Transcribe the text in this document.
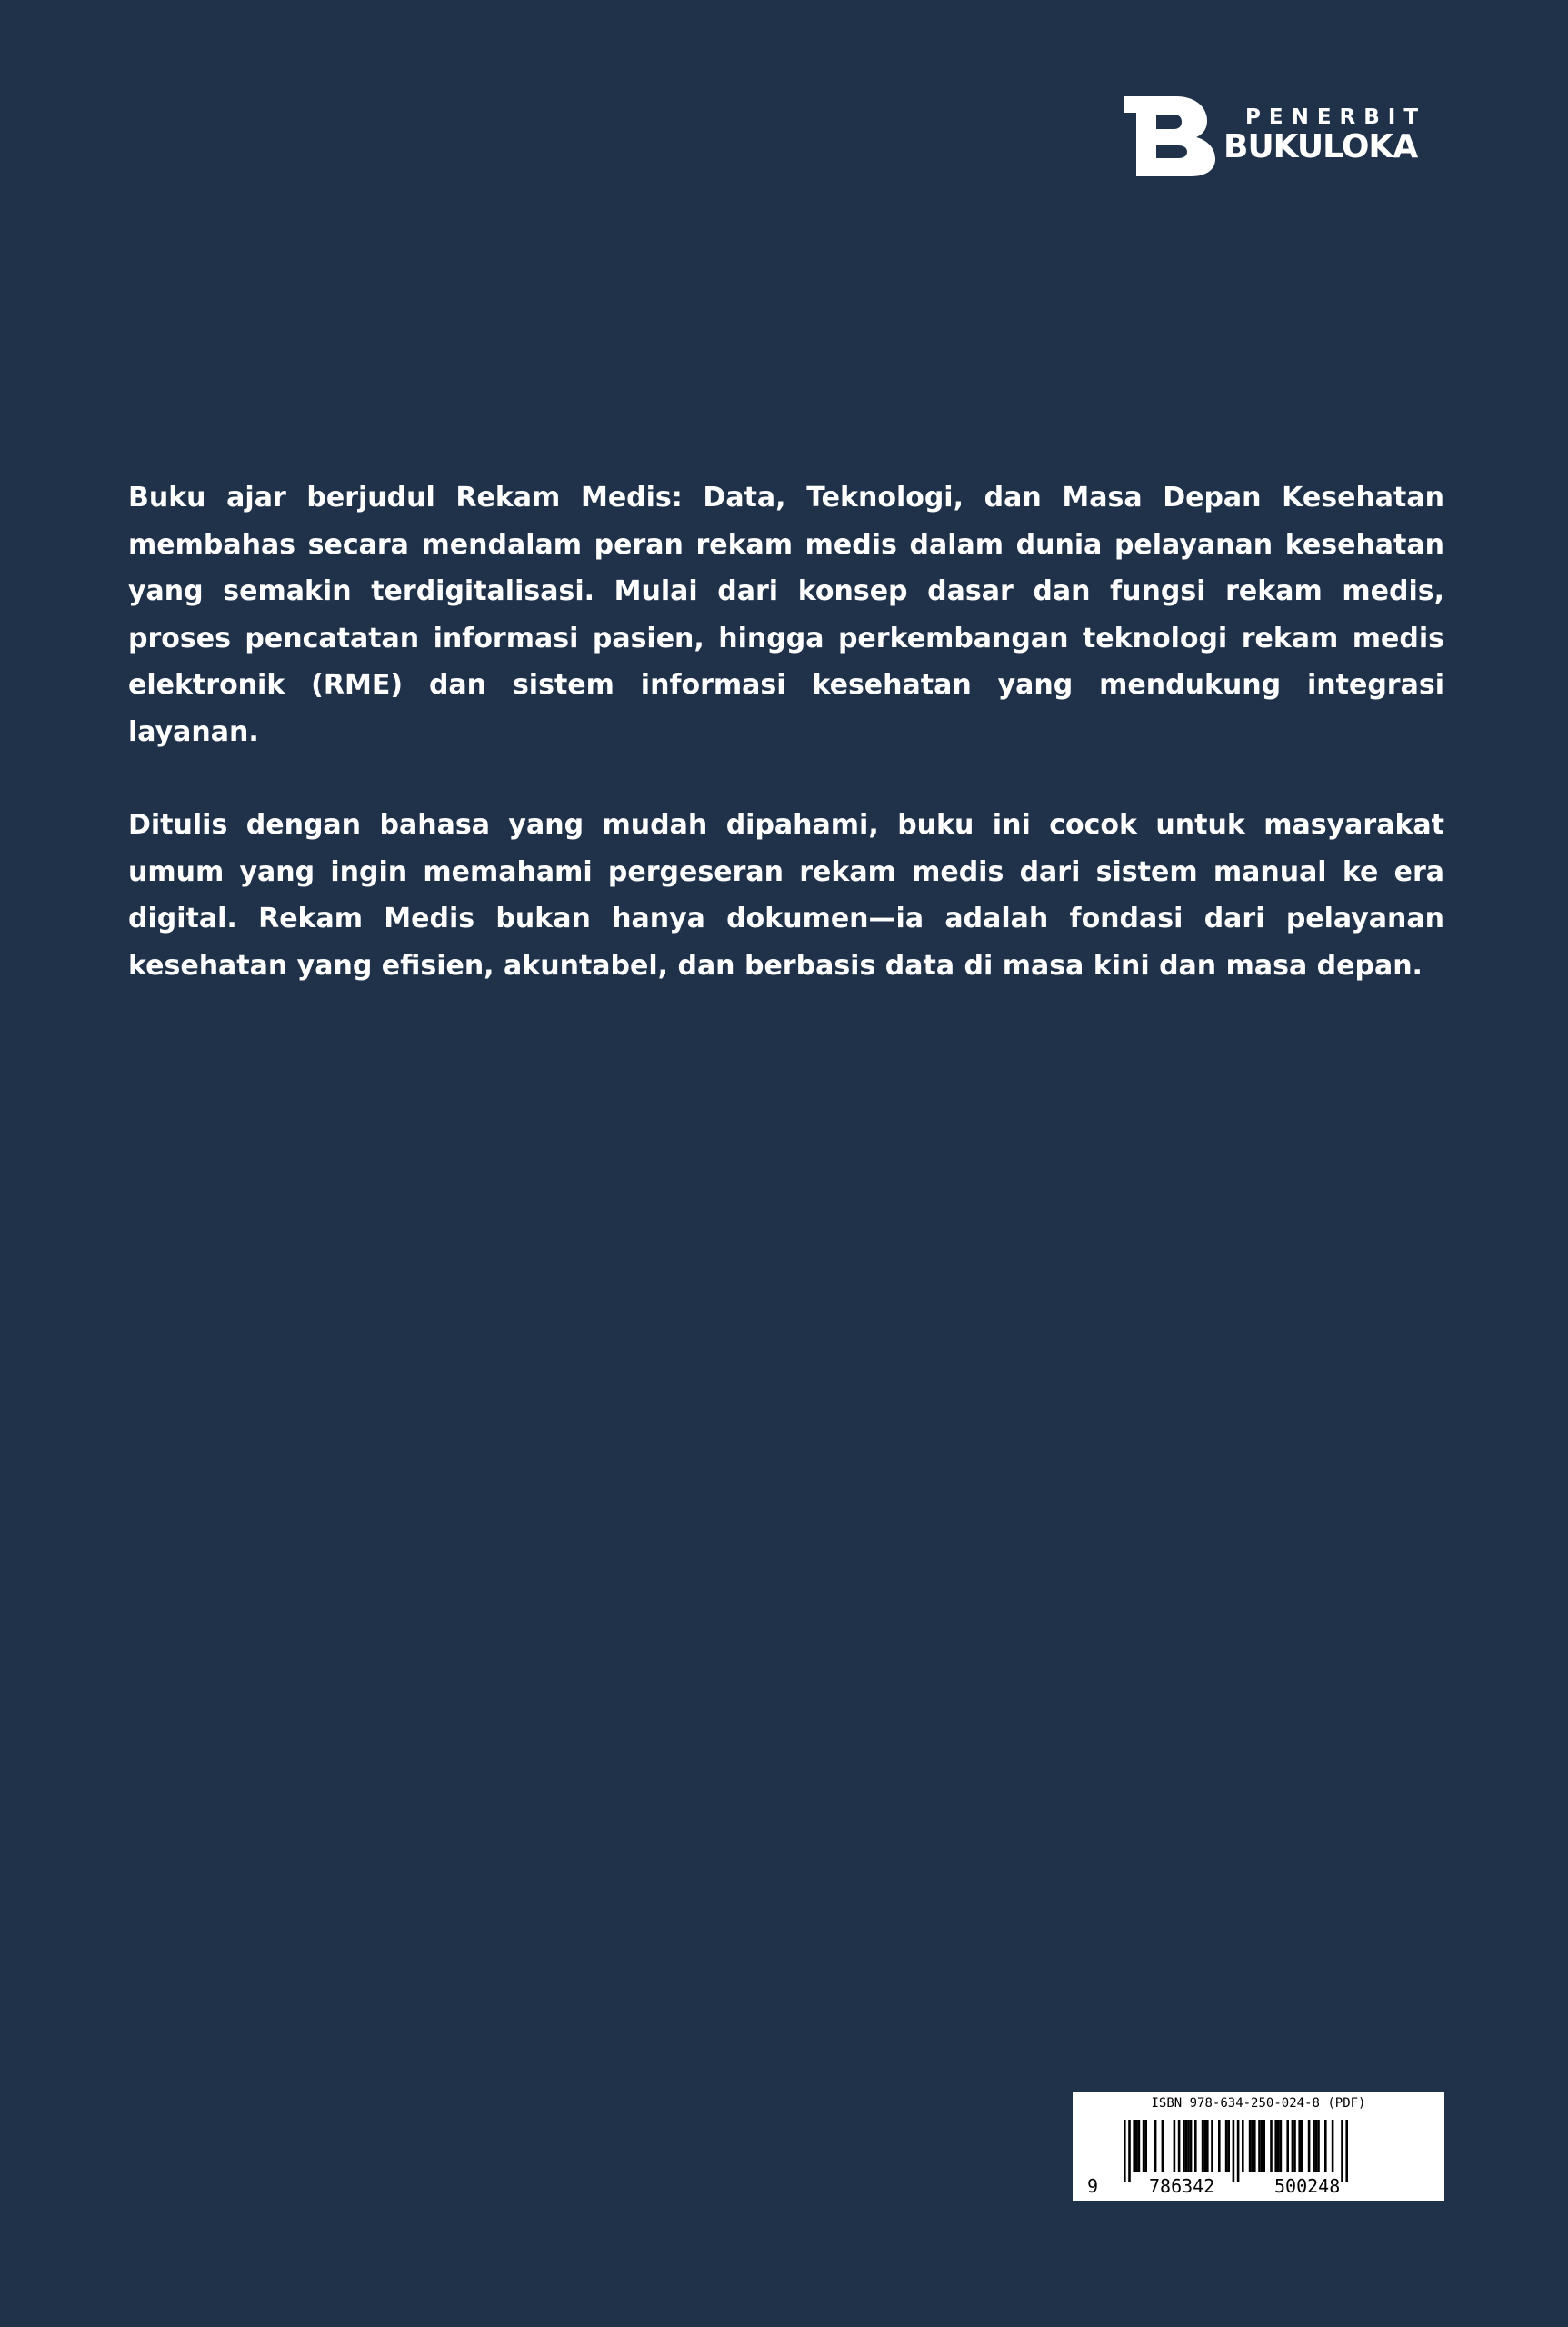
PENERBIT
BUKULOKA

Buku ajar berjudul Rekam Medis: Data, Teknologi, dan Masa Depan Kesehatan membahas secara mendalam peran rekam medis dalam dunia pelayanan kesehatan yang semakin terdigitalisasi. Mulai dari konsep dasar dan fungsi rekam medis, proses pencatatan informasi pasien, hingga perkembangan teknologi rekam medis elektronik (RME) dan sistem informasi kesehatan yang mendukung integrasi layanan.

Ditulis dengan bahasa yang mudah dipahami, buku ini cocok untuk masyarakat umum yang ingin memahami pergeseran rekam medis dari sistem manual ke era digital. Rekam Medis bukan hanya dokumen—ia adalah fondasi dari pelayanan kesehatan yang efisien, akuntabel, dan berbasis data di masa kini dan masa depan.

ISBN 978-634-250-024-8 (PDF)
9	786342	500248
